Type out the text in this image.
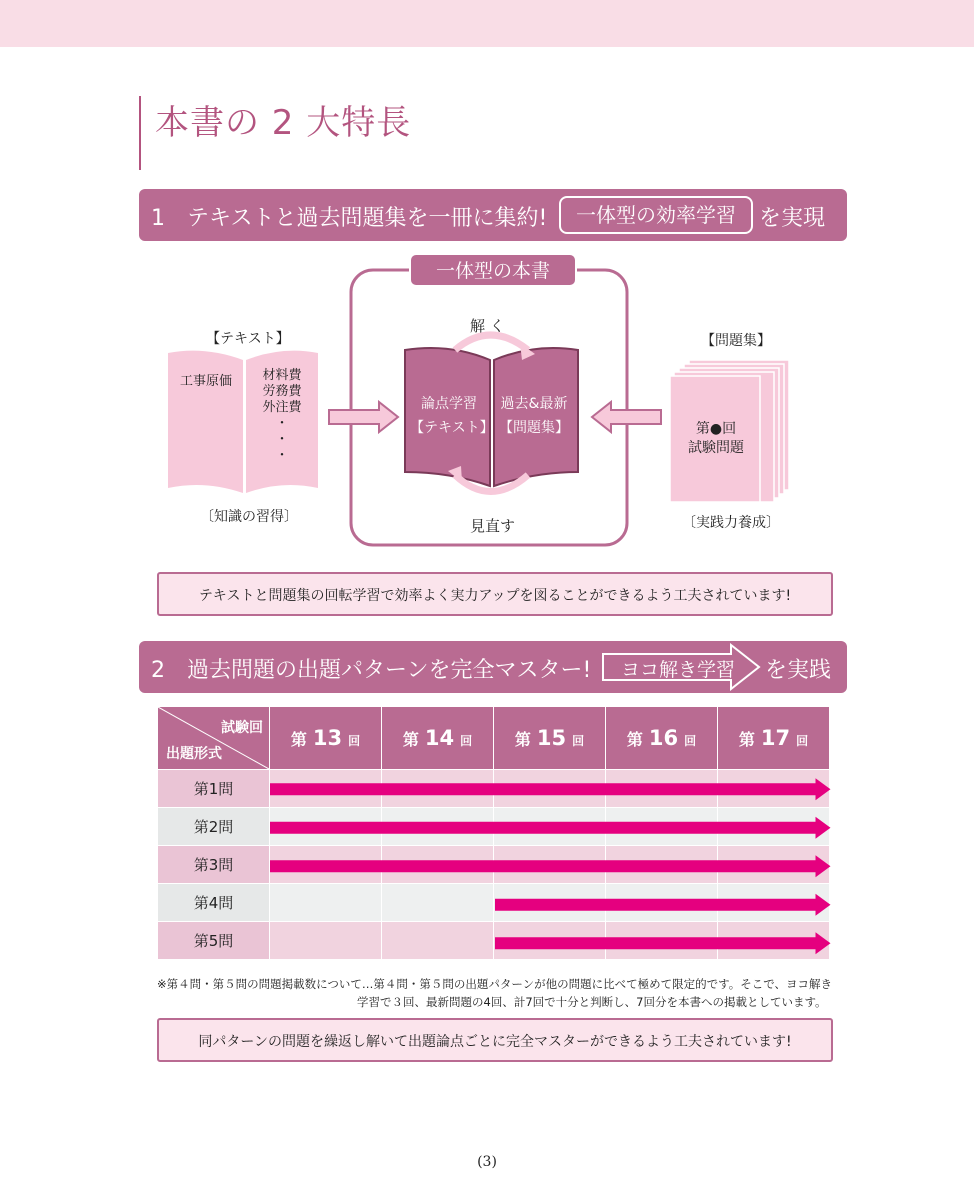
本書の 2 大特長
1　テキストと過去問題集を一冊に集約!	一体型の効率学習	を実現
一体型の本書
解 く
見直す
【テキスト】
〔知識の習得〕
工事原価	材料費
労務費
外注費
・
・
・
論点学習
【テキスト】
過去&最新
【問題集】
【問題集】
〔実践力養成〕
第●回
試験問題
テキストと問題集の回転学習で効率よく実力アップを図ることができるよう工夫されています!
2　過去問題の出題パターンを完全マスター! ヨコ解き学習 を実践
試験回
出題形式	第 13 回	第 14 回	第 15 回	第 16 回	第 17 回
第1問					
第2問					
第3問					
第4問					
第5問					
※第４問・第５問の問題掲載数について…第４問・第５問の出題パターンが他の問題に比べて極めて限定的です。そこで、ヨコ解き
学習で３回、最新問題の4回、計7回で十分と判断し、7回分を本書への掲載としています。
同パターンの問題を繰返し解いて出題論点ごとに完全マスターができるよう工夫されています!
(3)
